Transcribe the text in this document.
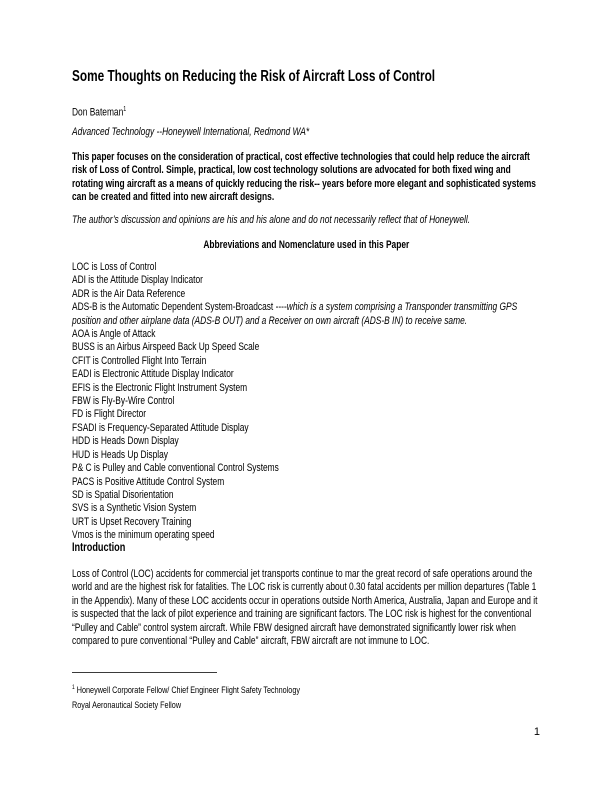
Some Thoughts on Reducing the Risk of Aircraft Loss of Control
Don Bateman$^1$
Advanced Technology --Honeywell International, Redmond WA*
This paper focuses on the consideration of practical, cost effective technologies that could help reduce the aircraft risk of Loss of Control. Simple, practical, low cost technology solutions are advocated for both fixed wing and rotating wing aircraft as a means of quickly reducing the risk-- years before more elegant and sophisticated systems can be created and fitted into new aircraft designs.
The author’s discussion and opinions are his and his alone and do not necessarily reflect that of Honeywell.
Abbreviations and Nomenclature used in this Paper
LOC is Loss of Control
ADI is the Attitude Display Indicator
ADR is the Air Data Reference
ADS-B is the Automatic Dependent System-Broadcast ----which is a system comprising a Transponder transmitting GPS position and other airplane data (ADS-B OUT) and a Receiver on own aircraft (ADS-B IN) to receive same.
AOA is Angle of Attack
BUSS is an Airbus Airspeed Back Up Speed Scale
CFIT is Controlled Flight Into Terrain
EADI is Electronic Attitude Display Indicator
EFIS is the Electronic Flight Instrument System
FBW is Fly-By-Wire Control
FD is Flight Director
FSADI is Frequency-Separated Attitude Display
HDD is Heads Down Display
HUD is Heads Up Display
P& C is Pulley and Cable conventional Control Systems
PACS is Positive Attitude Control System
SD is Spatial Disorientation
SVS is a Synthetic Vision System
URT is Upset Recovery Training
Vmos is the minimum operating speed
Introduction
Loss of Control (LOC) accidents for commercial jet transports continue to mar the great record of safe operations around the world and are the highest risk for fatalities. The LOC risk is currently about 0.30 fatal accidents per million departures (Table 1 in the Appendix). Many of these LOC accidents occur in operations outside North America, Australia, Japan and Europe and it is suspected that the lack of pilot experience and training are significant factors. The LOC risk is highest for the conventional “Pulley and Cable” control system aircraft. While FBW designed aircraft have demonstrated significantly lower risk when compared to pure conventional “Pulley and Cable” aircraft, FBW aircraft are not immune to LOC.
$^1$ Honeywell Corporate Fellow/ Chief Engineer Flight Safety Technology
Royal Aeronautical Society Fellow
1
